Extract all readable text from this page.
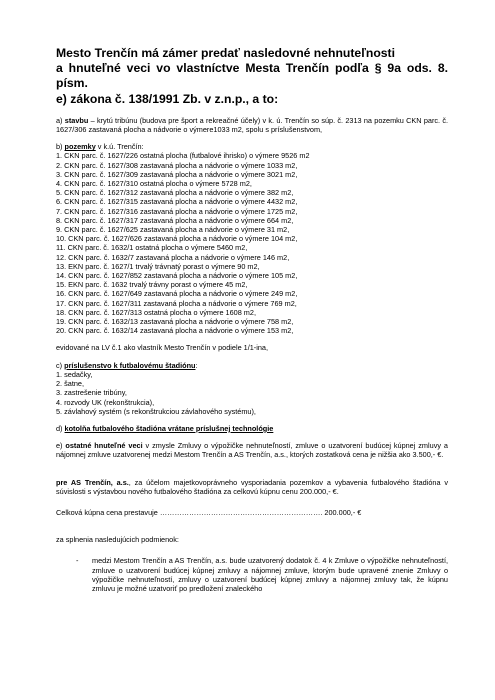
Mesto Trenčín má zámer predať nasledovné nehnuteľnosti
a hnuteľné veci vo vlastníctve Mesta Trenčín podľa § 9a ods. 8. písm.
e) zákona č. 138/1991 Zb. v z.n.p., a to:

a) stavbu – krytú tribúnu (budova pre šport a rekreačné účely) v k. ú. Trenčín so súp. č. 2313 na pozemku CKN parc. č. 1627/306 zastavaná plocha a nádvorie o výmere1033 m2, spolu s príslušenstvom,

b) pozemky v k.ú. Trenčín:

1. CKN parc. č. 1627/226 ostatná plocha (futbalové ihrisko) o výmere 9526 m2
2. CKN parc. č. 1627/308 zastavaná plocha a nádvorie o výmere 1033 m2,
3. CKN parc. č. 1627/309 zastavaná plocha a nádvorie o výmere 3021 m2,
4. CKN parc. č. 1627/310 ostatná plocha o výmere 5728 m2,
5. CKN parc. č. 1627/312 zastavaná plocha a nádvorie o výmere 382 m2,
6. CKN parc. č. 1627/315 zastavaná plocha a nádvorie o výmere 4432 m2,
7. CKN parc. č. 1627/316 zastavaná plocha a nádvorie o výmere 1725 m2,
8. CKN parc. č. 1627/317 zastavaná plocha a nádvorie o výmere 664 m2,
9. CKN parc. č. 1627/625 zastavaná plocha a nádvorie o výmere 31 m2,
10. CKN parc. č. 1627/626 zastavaná plocha a nádvorie o výmere 104 m2,
11. CKN parc. č. 1632/1 ostatná plocha o výmere 5460 m2,
12. CKN parc. č. 1632/7 zastavaná plocha a nádvorie o výmere 146 m2,
13. EKN parc. č. 1627/1 trvalý trávnatý porast o výmere 90 m2,
14. CKN parc. č. 1627/852 zastavaná plocha a nádvorie o výmere 105 m2,
15. EKN parc. č. 1632 trvalý trávny porast o výmere 45 m2,
16. CKN parc. č. 1627/649 zastavaná plocha a nádvorie o výmere 249 m2,
17. CKN parc. č. 1627/311 zastavaná plocha a nádvorie o výmere 769 m2,
18. CKN parc. č. 1627/313 ostatná plocha o výmere 1608 m2,
19. CKN parc. č. 1632/13 zastavaná plocha a nádvorie o výmere 758 m2,
20. CKN parc. č. 1632/14 zastavaná plocha a nádvorie o výmere 153 m2,

evidované na LV č.1 ako vlastník Mesto Trenčín v podiele 1/1-ina,

c) príslušenstvo k futbalovému štadiónu:

1. sedačky,
2. šatne,
3. zastrešenie tribúny,
4. rozvody UK (rekonštrukcia),
5. závlahový systém (s rekonštrukciou závlahového systému),

d) kotolňa futbalového štadióna vrátane príslušnej technológie

e) ostatné hnuteľné veci v zmysle Zmluvy o výpožičke nehnuteľností, zmluve o uzatvorení budúcej kúpnej zmluvy a nájomnej zmluve uzatvorenej medzi Mestom Trenčín a AS Trenčín, a.s., ktorých zostatková cena je nižšia ako 3.500,- €.

pre AS Trenčín, a.s., za účelom majetkovoprávneho vysporiadania pozemkov a vybavenia futbalového štadióna v súvislosti s výstavbou nového futbalového štadióna za celkovú kúpnu cenu 200.000,- €.

Celková kúpna cena prestavuje …………………………………………………………. 200.000,- €

za splnenia nasledujúcich podmienok:

- medzi Mestom Trenčín a AS Trenčín, a.s. bude uzatvorený dodatok č. 4 k Zmluve o výpožičke nehnuteľností, zmluve o uzatvorení budúcej kúpnej zmluvy a nájomnej zmluve, ktorým bude upravené znenie Zmluvy o výpožičke nehnuteľností, zmluvy o uzatvorení budúcej kúpnej zmluvy a nájomnej zmluvy tak, že kúpnu zmluvu je možné uzatvoriť po predložení znaleckého
